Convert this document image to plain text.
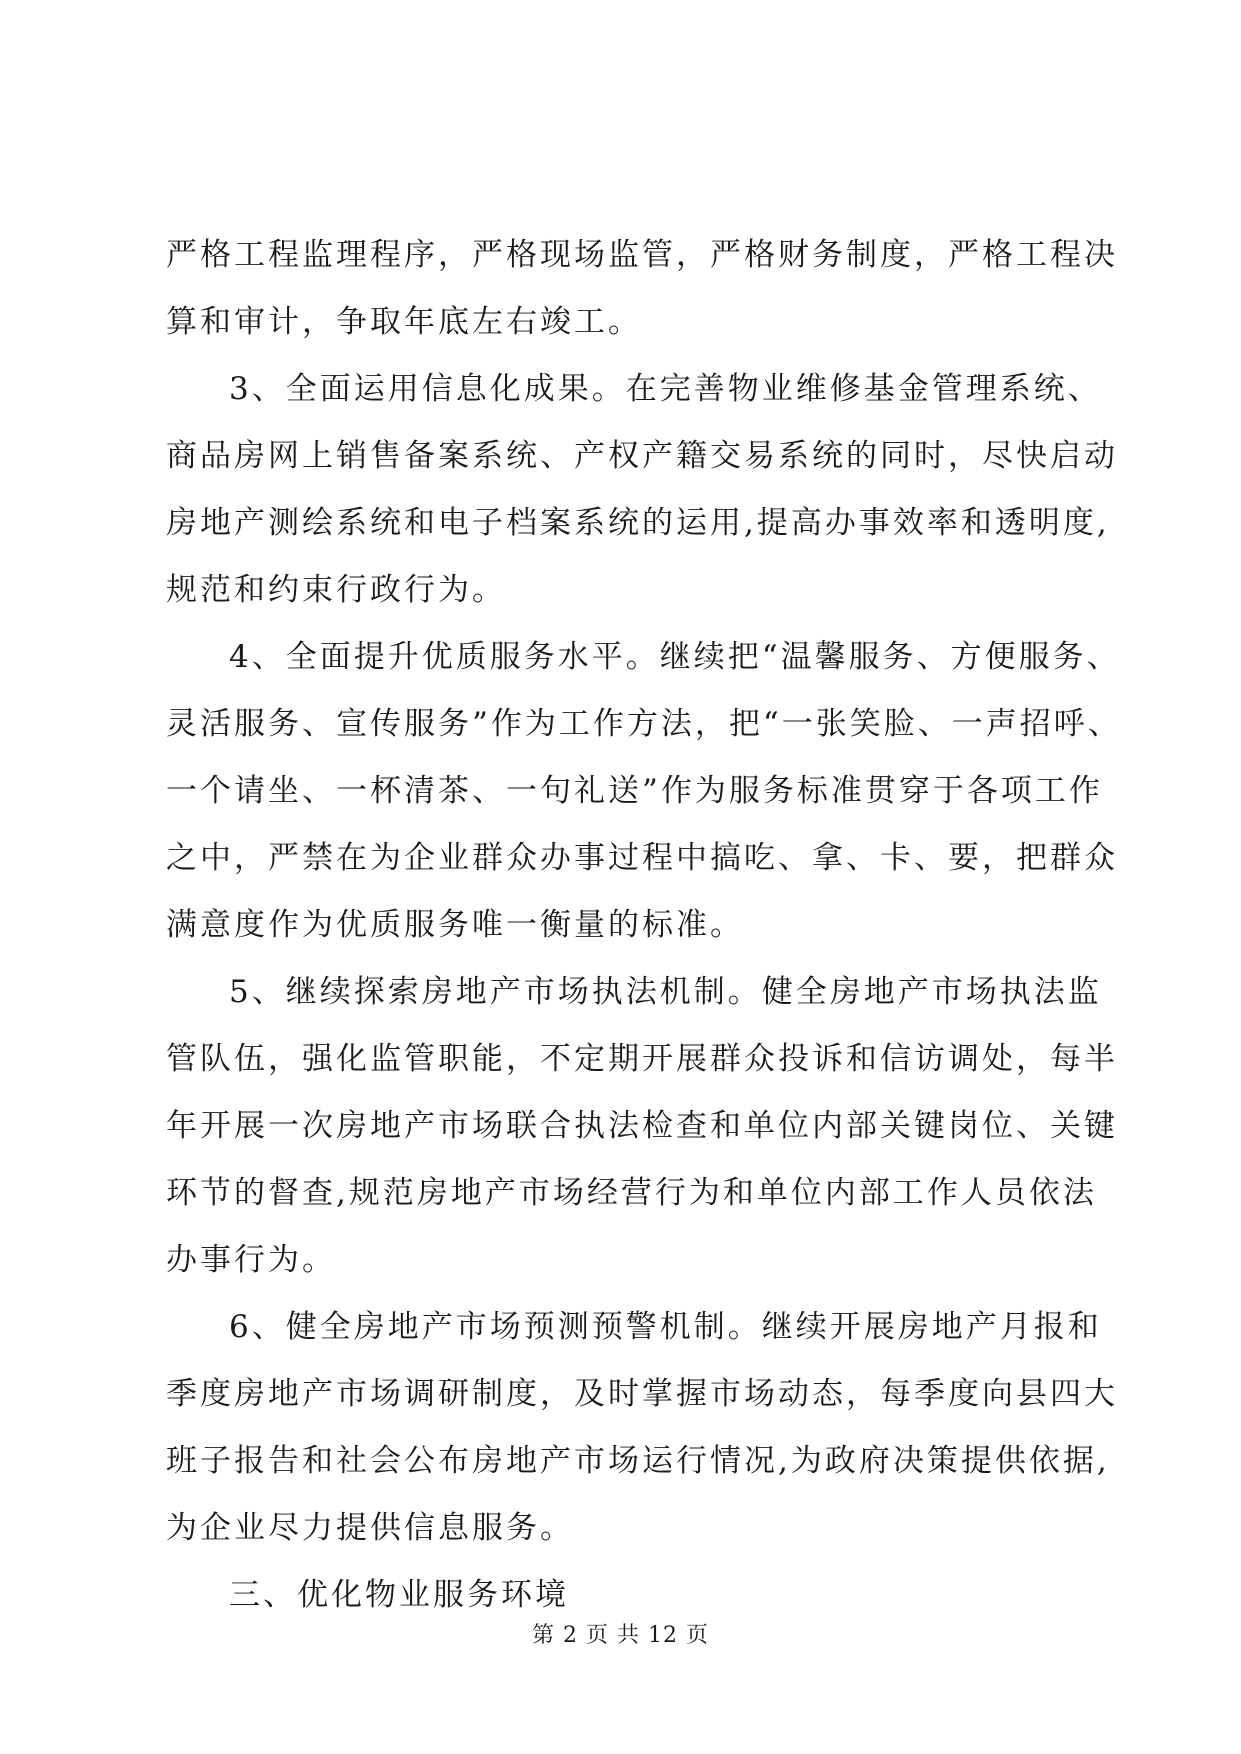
严格工程监理程序，严格现场监管，严格财务制度，严格工程决
算和审计，争取年底左右竣工。
3、全面运用信息化成果。在完善物业维修基金管理系统、
商品房网上销售备案系统、产权产籍交易系统的同时，尽快启动
房地产测绘系统和电子档案系统的运用,提高办事效率和透明度,
规范和约束行政行为。
4、全面提升优质服务水平。继续把“温馨服务、方便服务、
灵活服务、宣传服务”作为工作方法，把“一张笑脸、一声招呼、
一个请坐、一杯清茶、一句礼送”作为服务标准贯穿于各项工作
之中，严禁在为企业群众办事过程中搞吃、拿、卡、要，把群众
满意度作为优质服务唯一衡量的标准。
5、继续探索房地产市场执法机制。健全房地产市场执法监
管队伍，强化监管职能，不定期开展群众投诉和信访调处，每半
年开展一次房地产市场联合执法检查和单位内部关键岗位、关键
环节的督查,规范房地产市场经营行为和单位内部工作人员依法
办事行为。
6、健全房地产市场预测预警机制。继续开展房地产月报和
季度房地产市场调研制度，及时掌握市场动态，每季度向县四大
班子报告和社会公布房地产市场运行情况,为政府决策提供依据,
为企业尽力提供信息服务。
三、优化物业服务环境
第 2 页 共 12 页
